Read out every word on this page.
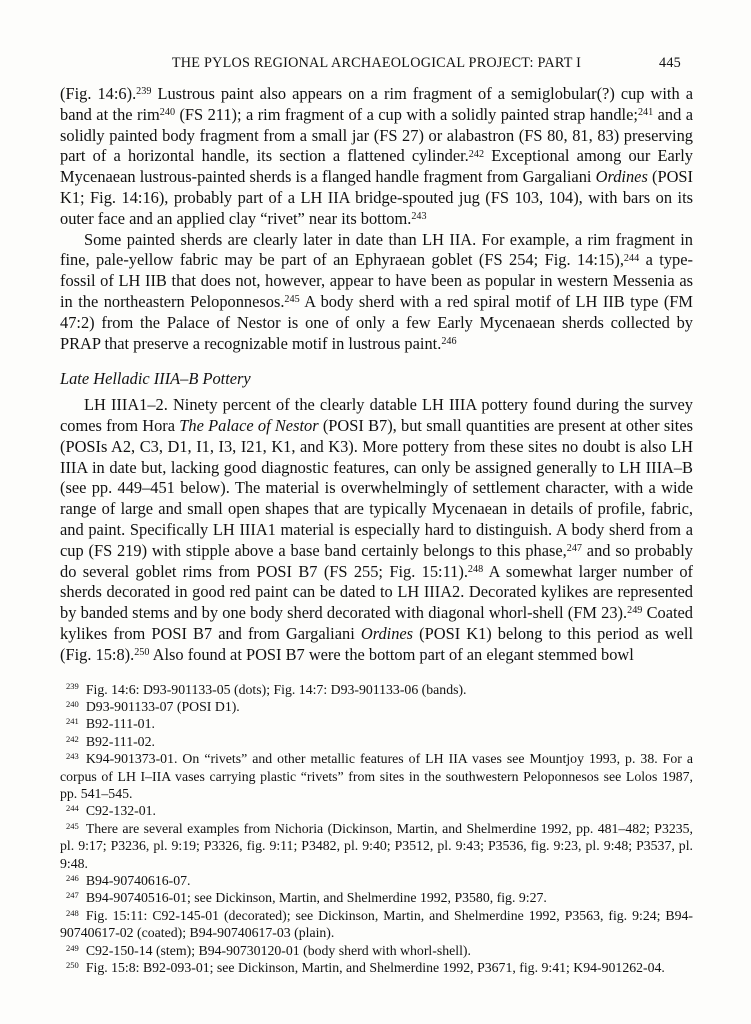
THE PYLOS REGIONAL ARCHAEOLOGICAL PROJECT: PART I	445

(Fig. 14:6).$^{239}$ Lustrous paint also appears on a rim fragment of a semiglobular(?) cup with a band at the rim$^{240}$ (FS 211); a rim fragment of a cup with a solidly painted strap handle;$^{241}$ and a solidly painted body fragment from a small jar (FS 27) or alabastron (FS 80, 81, 83) preserving part of a horizontal handle, its section a flattened cylinder.$^{242}$ Exceptional among our Early Mycenaean lustrous-painted sherds is a flanged handle fragment from Gargaliani Ordines (POSI K1; Fig. 14:16), probably part of a LH IIA bridge-spouted jug (FS 103, 104), with bars on its outer face and an applied clay “rivet” near its bottom.$^{243}$

Some painted sherds are clearly later in date than LH IIA. For example, a rim fragment in fine, pale-yellow fabric may be part of an Ephyraean goblet (FS 254; Fig. 14:15),$^{244}$ a type-fossil of LH IIB that does not, however, appear to have been as popular in western Messenia as in the northeastern Peloponnesos.$^{245}$ A body sherd with a red spiral motif of LH IIB type (FM 47:2) from the Palace of Nestor is one of only a few Early Mycenaean sherds collected by PRAP that preserve a recognizable motif in lustrous paint.$^{246}$

Late Helladic IIIA–B Pottery

LH IIIA1–2. Ninety percent of the clearly datable LH IIIA pottery found during the survey comes from Hora The Palace of Nestor (POSI B7), but small quantities are present at other sites (POSIs A2, C3, D1, I1, I3, I21, K1, and K3). More pottery from these sites no doubt is also LH IIIA in date but, lacking good diagnostic features, can only be assigned generally to LH IIIA–B (see pp. 449–451 below). The material is overwhelmingly of settlement character, with a wide range of large and small open shapes that are typically Mycenaean in details of profile, fabric, and paint. Specifically LH IIIA1 material is especially hard to distinguish. A body sherd from a cup (FS 219) with stipple above a base band certainly belongs to this phase,$^{247}$ and so probably do several goblet rims from POSI B7 (FS 255; Fig. 15:11).$^{248}$ A somewhat larger number of sherds decorated in good red paint can be dated to LH IIIA2. Decorated kylikes are represented by banded stems and by one body sherd decorated with diagonal whorl-shell (FM 23).$^{249}$ Coated kylikes from POSI B7 and from Gargaliani Ordines (POSI K1) belong to this period as well (Fig. 15:8).$^{250}$ Also found at POSI B7 were the bottom part of an elegant stemmed bowl

$^{239}$ Fig. 14:6: D93-901133-05 (dots); Fig. 14:7: D93-901133-06 (bands).

$^{240}$ D93-901133-07 (POSI D1).

$^{241}$ B92-111-01.

$^{242}$ B92-111-02.

$^{243}$ K94-901373-01. On “rivets” and other metallic features of LH IIA vases see Mountjoy 1993, p. 38. For a corpus of LH I–IIA vases carrying plastic “rivets” from sites in the southwestern Peloponnesos see Lolos 1987, pp. 541–545.

$^{244}$ C92-132-01.

$^{245}$ There are several examples from Nichoria (Dickinson, Martin, and Shelmerdine 1992, pp. 481–482; P3235, pl. 9:17; P3236, pl. 9:19; P3326, fig. 9:11; P3482, pl. 9:40; P3512, pl. 9:43; P3536, fig. 9:23, pl. 9:48; P3537, pl. 9:48.

$^{246}$ B94-90740616-07.

$^{247}$ B94-90740516-01; see Dickinson, Martin, and Shelmerdine 1992, P3580, fig. 9:27.

$^{248}$ Fig. 15:11: C92-145-01 (decorated); see Dickinson, Martin, and Shelmerdine 1992, P3563, fig. 9:24; B94-90740617-02 (coated); B94-90740617-03 (plain).

$^{249}$ C92-150-14 (stem); B94-90730120-01 (body sherd with whorl-shell).

$^{250}$ Fig. 15:8: B92-093-01; see Dickinson, Martin, and Shelmerdine 1992, P3671, fig. 9:41; K94-901262-04.
